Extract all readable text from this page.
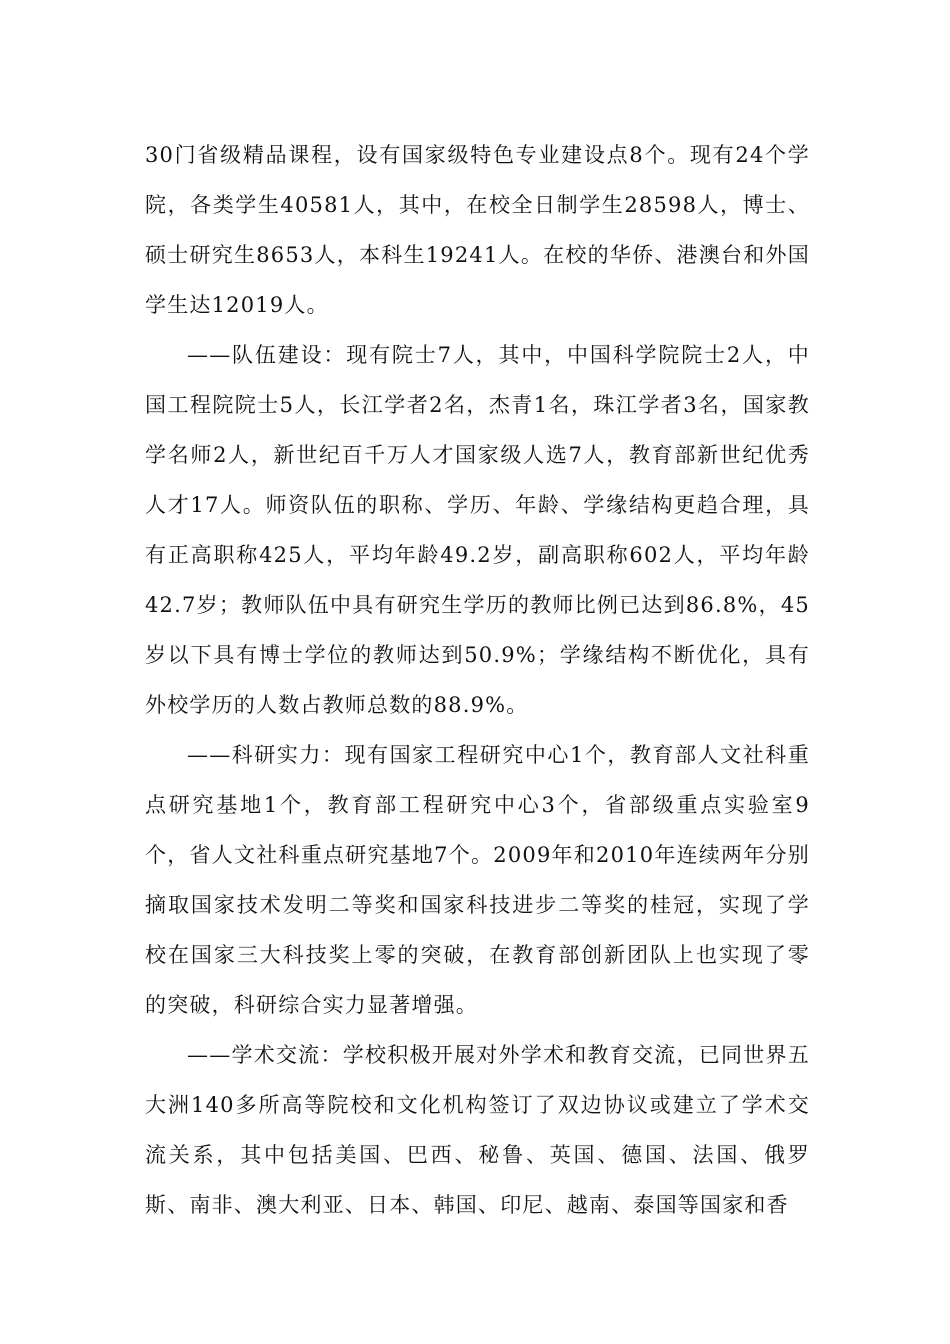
30门省级精品课程，设有国家级特色专业建设点8个。现有24个学院，各类学生40581人，其中，在校全日制学生28598人，博士、硕士研究生8653人，本科生19241人。在校的华侨、港澳台和外国学生达12019人。

——队伍建设：现有院士7人，其中，中国科学院院士2人，中国工程院院士5人，长江学者2名，杰青1名，珠江学者3名，国家教学名师2人，新世纪百千万人才国家级人选7人，教育部新世纪优秀人才17人。师资队伍的职称、学历、年龄、学缘结构更趋合理，具有正高职称425人，平均年龄49.2岁，副高职称602人，平均年龄42.7岁；教师队伍中具有研究生学历的教师比例已达到86.8%，45岁以下具有博士学位的教师达到50.9%；学缘结构不断优化，具有外校学历的人数占教师总数的88.9%。

——科研实力：现有国家工程研究中心1个，教育部人文社科重点研究基地1个，教育部工程研究中心3个，省部级重点实验室9个，省人文社科重点研究基地7个。2009年和2010年连续两年分别摘取国家技术发明二等奖和国家科技进步二等奖的桂冠，实现了学校在国家三大科技奖上零的突破，在教育部创新团队上也实现了零的突破，科研综合实力显著增强。

——学术交流：学校积极开展对外学术和教育交流，已同世界五大洲140多所高等院校和文化机构签订了双边协议或建立了学术交流关系，其中包括美国、巴西、秘鲁、英国、德国、法国、俄罗斯、南非、澳大利亚、日本、韩国、印尼、越南、泰国等国家和香
